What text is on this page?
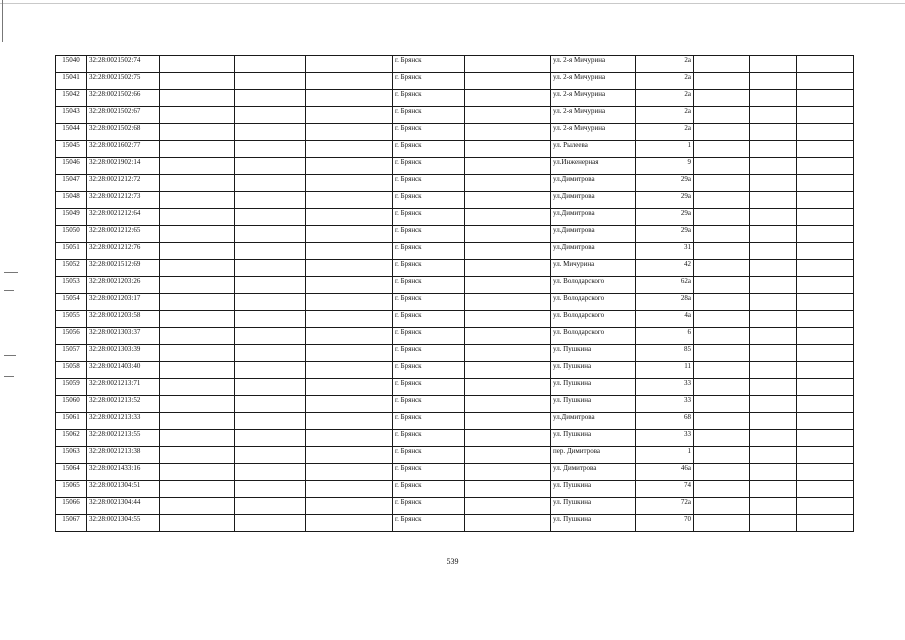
15040	32:28:0021502:74				г. Брянск		ул. 2-я Мичурина	2а			
15041	32:28:0021502:75				г. Брянск		ул. 2-я Мичурина	2а			
15042	32:28:0021502:66				г. Брянск		ул. 2-я Мичурина	2а			
15043	32:28:0021502:67				г. Брянск		ул. 2-я Мичурина	2а			
15044	32:28:0021502:68				г. Брянск		ул. 2-я Мичурина	2а			
15045	32:28:0021602:77				г. Брянск		ул. Рылеева	1			
15046	32:28:0021902:14				г. Брянск		ул.Инженерная	9			
15047	32:28:0021212:72				г. Брянск		ул.Димитрова	29а			
15048	32:28:0021212:73				г. Брянск		ул.Димитрова	29а			
15049	32:28:0021212:64				г. Брянск		ул.Димитрова	29а			
15050	32:28:0021212:65				г. Брянск		ул.Димитрова	29а			
15051	32:28:0021212:76				г. Брянск		ул.Димитрова	31			
15052	32:28:0021512:69				г. Брянск		ул. Мичурина	42			
15053	32:28:0021203:26				г. Брянск		ул. Володарского	62а			
15054	32:28:0021203:17				г. Брянск		ул. Володарского	28а			
15055	32:28:0021203:58				г. Брянск		ул. Володарского	4а			
15056	32:28:0021303:37				г. Брянск		ул. Володарского	6			
15057	32:28:0021303:39				г. Брянск		ул. Пушкина	85			
15058	32:28:0021403:40				г. Брянск		ул. Пушкина	11			
15059	32:28:0021213:71				г. Брянск		ул. Пушкина	33			
15060	32:28:0021213:52				г. Брянск		ул. Пушкина	33			
15061	32:28:0021213:33				г. Брянск		ул.Димитрова	68			
15062	32:28:0021213:55				г. Брянск		ул. Пушкина	33			
15063	32:28:0021213:38				г. Брянск		пер. Димитрова	1			
15064	32:28:0021433:16				г. Брянск		ул. Димитрова	46а			
15065	32:28:0021304:51				г. Брянск		ул. Пушкина	74			
15066	32:28:0021304:44				г. Брянск		ул. Пушкина	72а			
15067	32:28:0021304:55				г. Брянск		ул. Пушкина	70			
539
